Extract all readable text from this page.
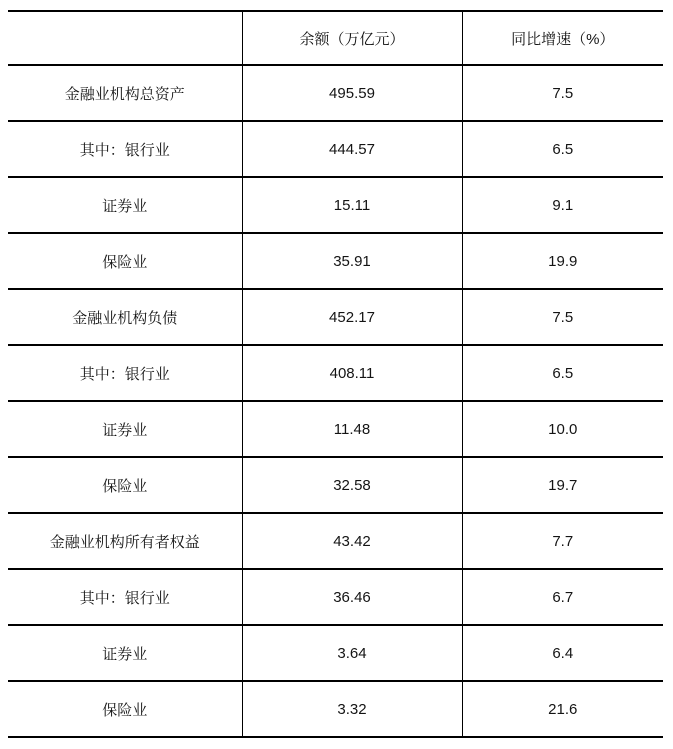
	余额（万亿元）	同比增速（%）
金融业机构总资产	495.59	7.5
其中：银行业	444.57	6.5
证券业	15.11	9.1
保险业	35.91	19.9
金融业机构负债	452.17	7.5
其中：银行业	408.11	6.5
证券业	11.48	10.0
保险业	32.58	19.7
金融业机构所有者权益	43.42	7.7
其中：银行业	36.46	6.7
证券业	3.64	6.4
保险业	3.32	21.6
